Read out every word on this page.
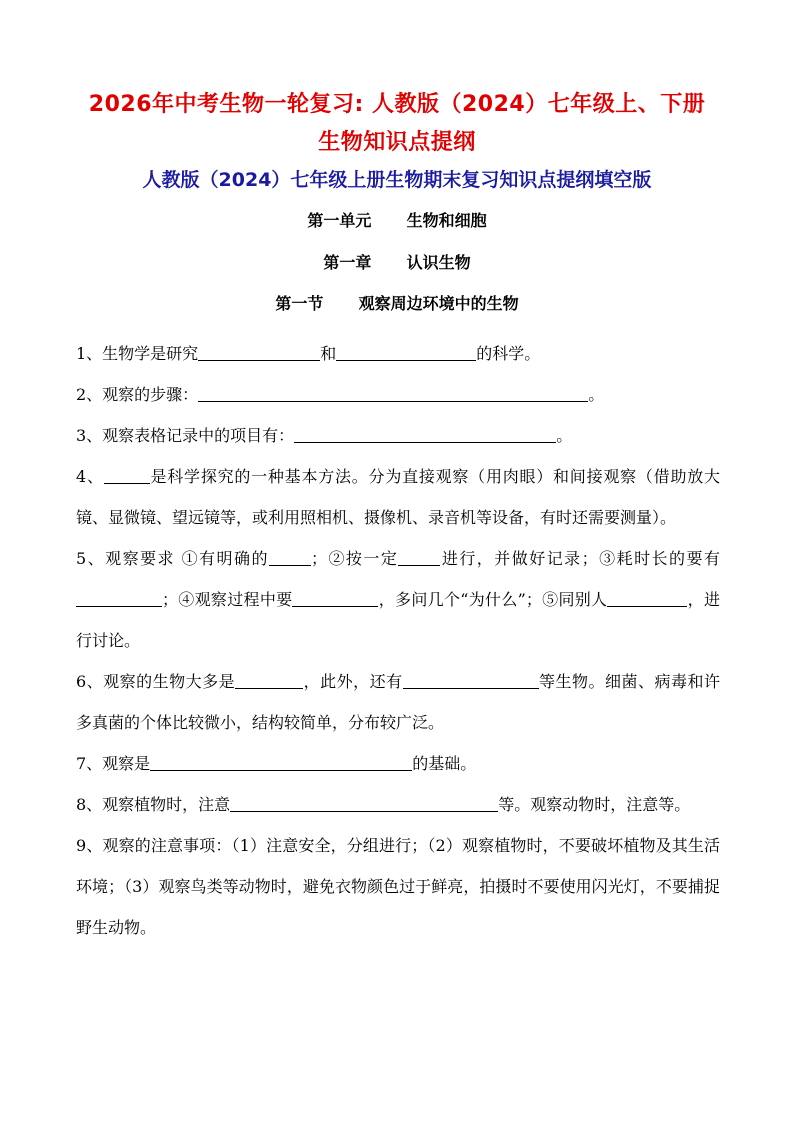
2026年中考生物一轮复习: 人教版（2024）七年级上、下册
生物知识点提纲
人教版（2024）七年级上册生物期末复习知识点提纲填空版
第一单元 生物和细胞
第一章 认识生物
第一节 观察周边环境中的生物

1、生物学是研究	和	的科学。

2、观察的步骤：	。

3、观察表格记录中的项目有：	。

4、	是科学探究的一种基本方法。分为直接观察（用肉眼）和间接观察（借助放大镜、显微镜、望远镜等，或利用照相机、摄像机、录音机等设备，有时还需要测量）。

5、观察要求 ①有明确的	；②按一定	进行，并做好记录；③耗时长的要有；④观察过程中要	，多问几个“为什么”；⑤同别人	，进行讨论。

6、观察的生物大多是	，此外，还有	等生物。细菌、病毒和许多真菌的个体比较微小，结构较简单，分布较广泛。

7、观察是	的基础。

8、观察植物时，注意	等。观察动物时，注意等。

9、观察的注意事项：（1）注意安全，分组进行；（2）观察植物时，不要破坏植物及其生活环境；（3）观察鸟类等动物时，避免衣物颜色过于鲜亮，拍摄时不要使用闪光灯，不要捕捉野生动物。
